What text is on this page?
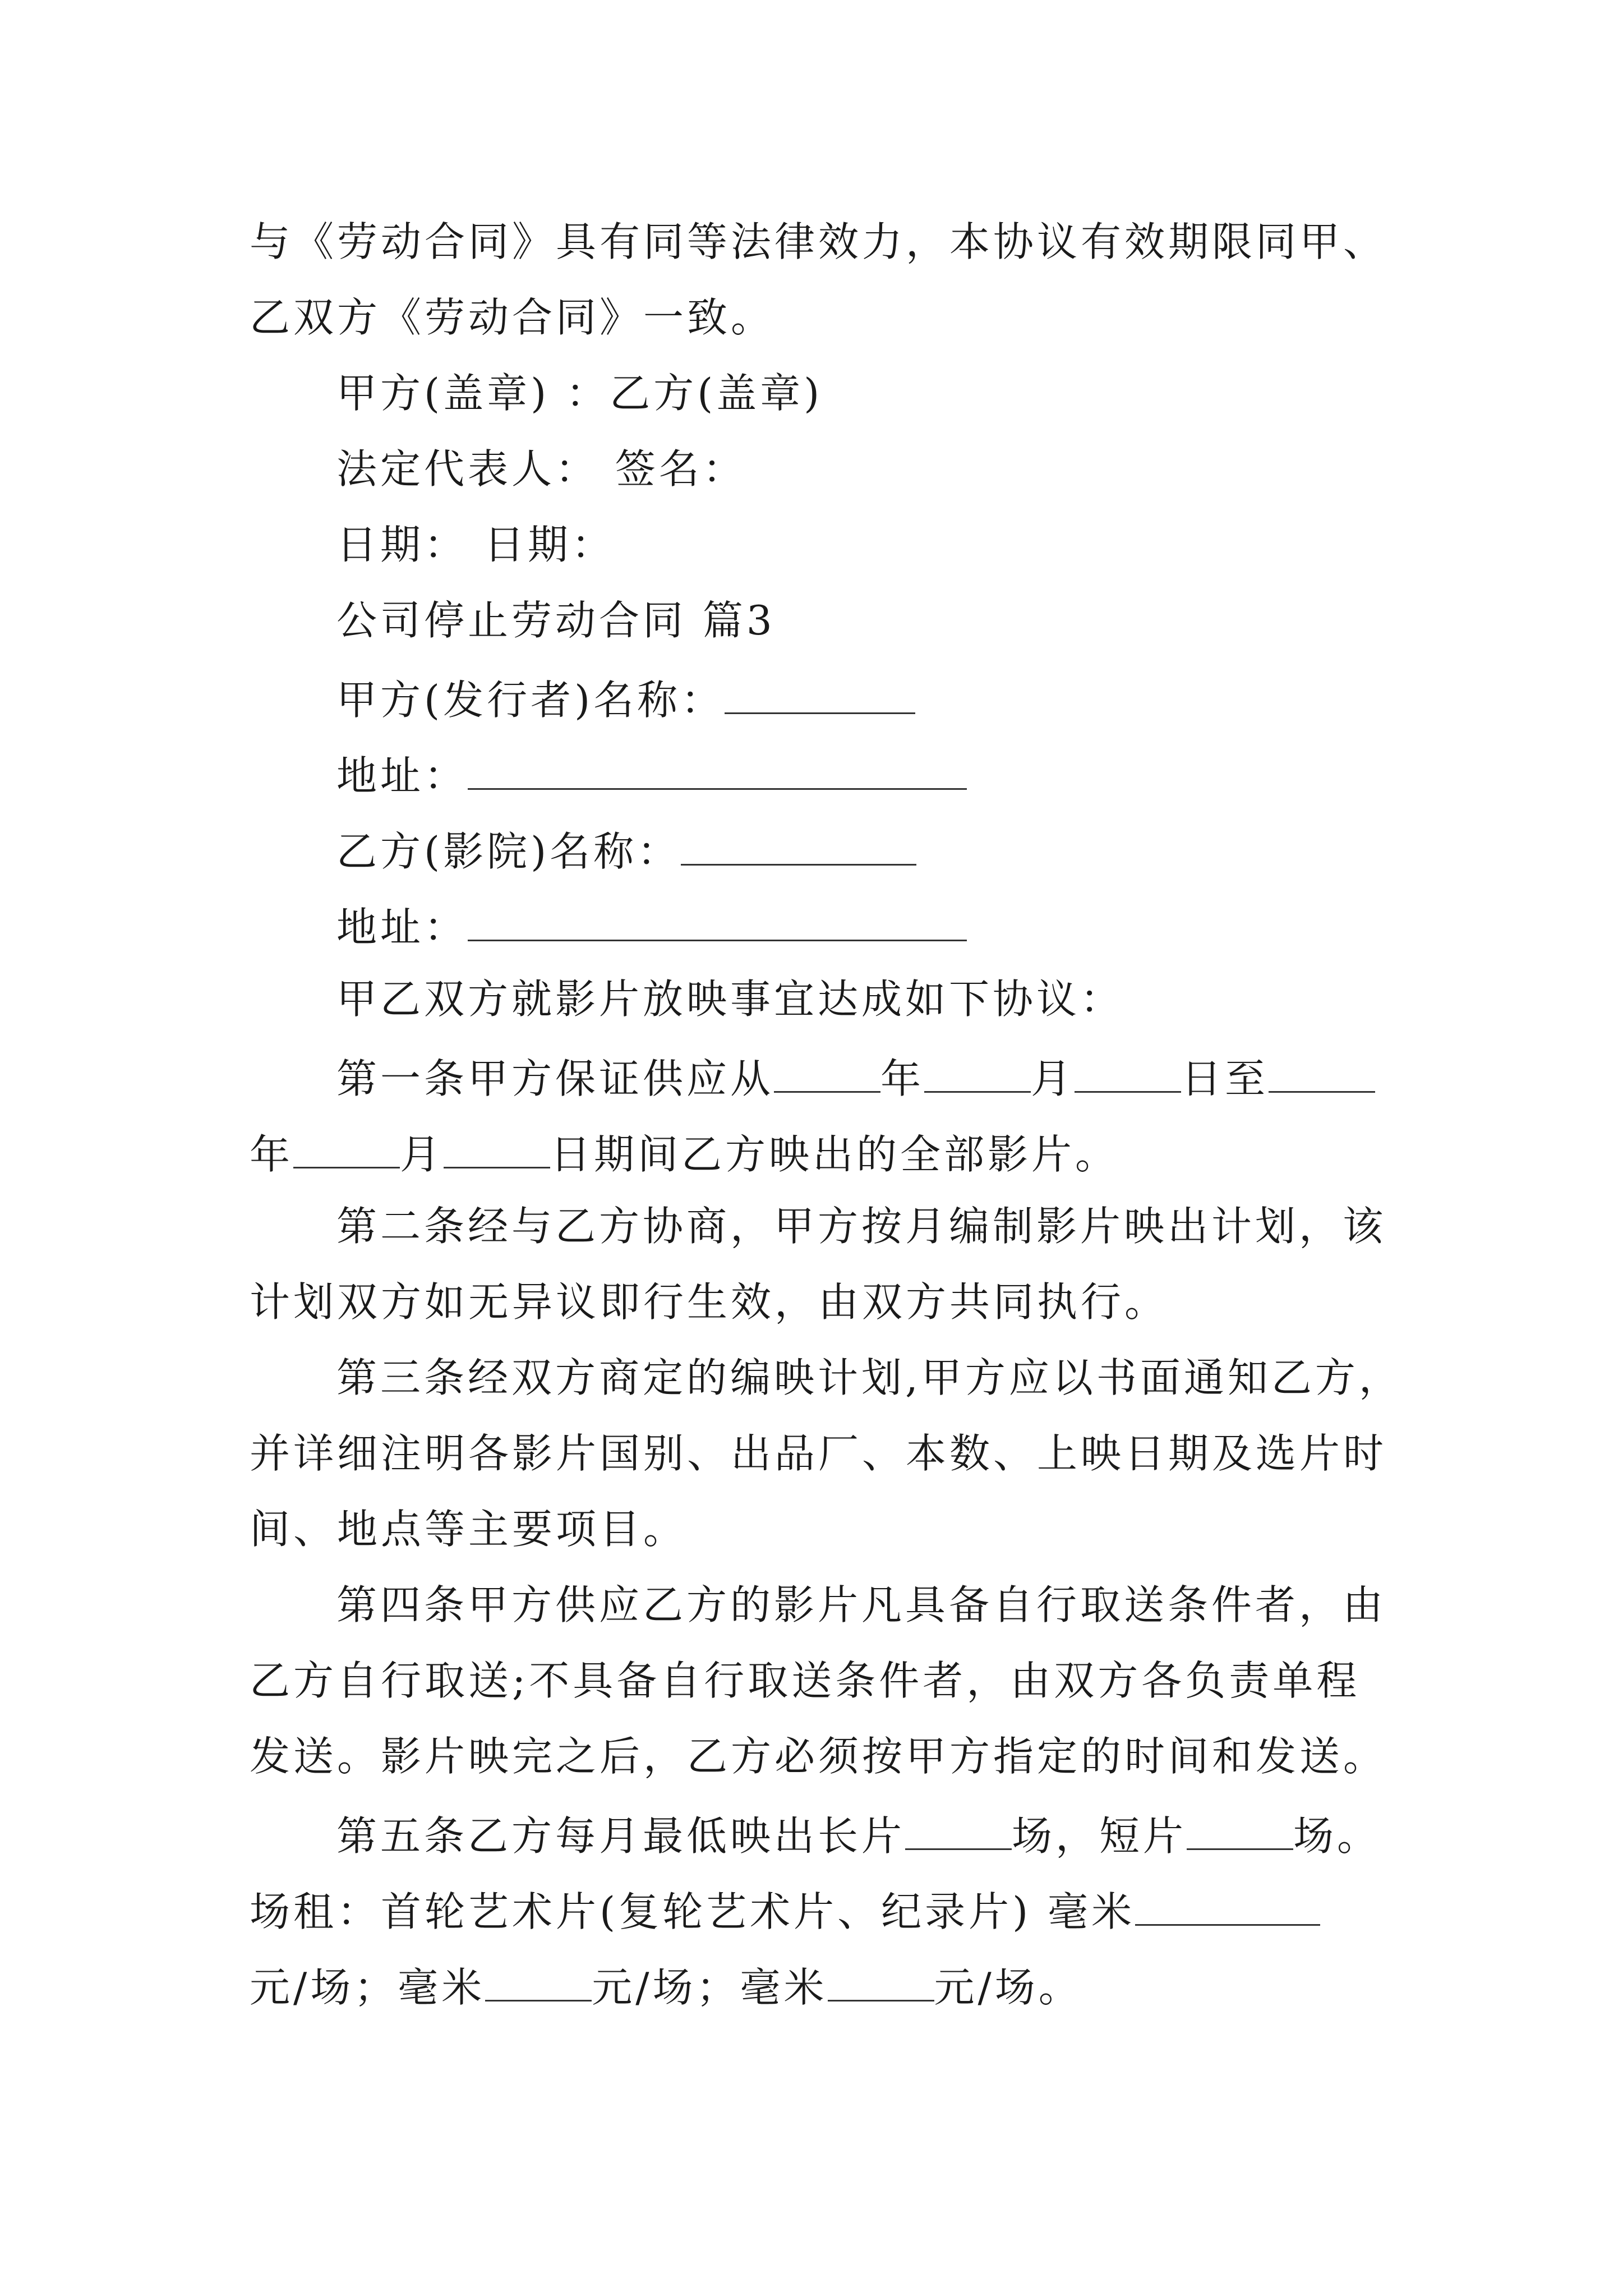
与《劳动合同》具有同等法律效力，本协议有效期限同甲、
乙双方《劳动合同》一致。
甲方(盖章) ：乙方(盖章)
法定代表人： 签名：
日期： 日期：
公司停止劳动合同 篇3
甲方(发行者)名称：
地址：
乙方(影院)名称：
地址：
甲乙双方就影片放映事宜达成如下协议：
第一条甲方保证供应从	年	月	日至
年	月	日期间乙方映出的全部影片。
第二条经与乙方协商，甲方按月编制影片映出计划，该
计划双方如无异议即行生效，由双方共同执行。
第三条经双方商定的编映计划,甲方应以书面通知乙方，
并详细注明各影片国别、出品厂、本数、上映日期及选片时
间、地点等主要项目。
第四条甲方供应乙方的影片凡具备自行取送条件者，由
乙方自行取送;不具备自行取送条件者，由双方各负责单程
发送。影片映完之后，乙方必须按甲方指定的时间和发送。
第五条乙方每月最低映出长片	场，短片	场。
场租：首轮艺术片(复轮艺术片、纪录片) 毫米
元/场；毫米	元/场；毫米	元/场。
